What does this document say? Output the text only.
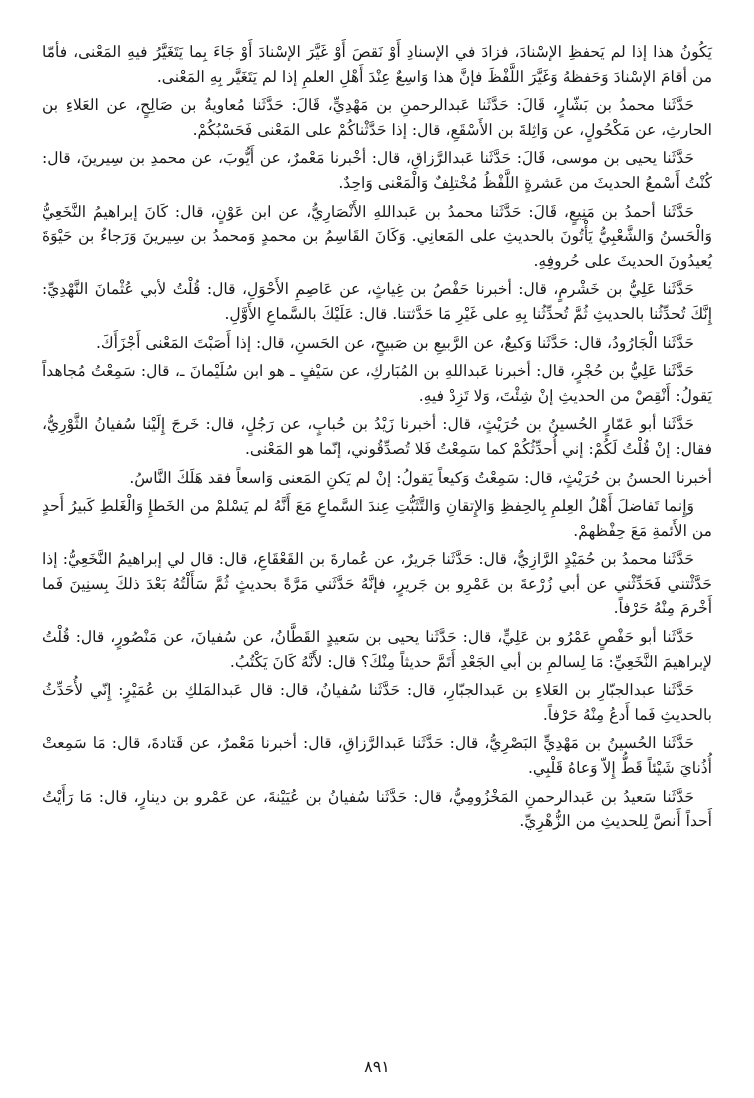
يَكُونُ هذا إذا لم يَحفظِ الإسْنادَ، فزادَ في الإسنادِ أَوْ نَقصَ أَوْ غَيَّرَ الإسْنادَ أَوْ جَاءَ بِما يَتَغَيَّرُ فيهِ المَعْنى، فأمّا من أقامَ الإسْنادَ وَحَفظهُ وَغَيَّرَ اللَّفْظَ فإنَّ هذا وَاسِعٌ عِنْدَ أَهْلِ العلمِ إذا لم يَتَغَيَّر بِهِ المَعْنى.

حَدَّثَنا محمدُ بن بَشّارٍ، قَالَ: حَدَّثَنا عَبدالرحمنِ بن مَهْدِيٍّ، قَالَ: حَدَّثَنا مُعاويةُ بن صَالِحٍ، عن العَلاءِ بن الحارثِ، عن مَكْحُولٍ، عن وَاثِلةَ بن الأَسْقَعِ، قال: إذا حَدَّثْناكُمْ على المَعْنى فَحَسْبُكُمْ.

حَدَّثَنا يحيى بن موسى، قَالَ: حَدَّثَنا عَبدالرَّزاقِ، قال: أخْبرنا مَعْمرٌ، عن أَيُّوبَ، عن محمدِ بن سِيرينَ، قال: كُنْتُ أَسْمعُ الحديثَ من عَشرةٍ اللَّفْظُ مُخْتلِفٌ وَالْمَعْنى وَاحِدٌ.

حَدَّثَنا أحمدُ بن مَنِيعٍ، قَالَ: حَدَّثَنا محمدُ بن عَبداللهِ الأَنْصَارِيُّ، عن ابن عَوْنٍ، قال: كَانَ إبراهيمُ النَّخَعِيُّ وَالْحَسنُ وَالشَّعْبِيُّ يَأْتُونَ بالحديثِ على المَعانِي. وَكَانَ القَاسِمُ بن محمدٍ وَمحمدُ بن سِيرينَ وَرَجاءُ بن حَيْوَةَ يُعيدُونَ الحديثَ على حُروفِهِ.

حَدَّثَنا عَلِيُّ بن خَشْرمٍ، قال: أخبرنا حَفْصُ بن غِياثٍ، عن عَاصِمِ الأَحْوَلِ، قال: قُلْتُ لأبي عُثْمانَ النَّهْدِيِّ: إِنَّكَ تُحدِّثُنا بالحديثِ ثُمَّ تُحدِّثُنا بِهِ على غَيْرِ مَا حَدَّثتنا. قال: عَلَيْكَ بالسَّماعِ الأَوَّلِ.

حَدَّثَنا الْجَارُودُ، قال: حَدَّثَنا وَكيعٌ، عن الرَّبيعِ بن صَبيحٍ، عن الحَسنِ، قال: إذا أَصَبْتَ المَعْنى أَجْزَأَكَ.

حَدَّثَنا عَلِيُّ بن حُجْرٍ، قال: أخبرنا عَبداللهِ بن المُبَاركِ، عن سَيْفٍ ـ هو ابن سُلَيْمانَ ـ، قال: سَمِعْتُ مُجاهداً يَقولُ: أَنْقِصْ من الحديثِ إنْ شِئْتَ، وَلا تَزِدْ فيهِ.

حَدَّثَنا أبو عَمّارٍ الحُسينُ بن حُرَيْثٍ، قال: أخبرنا زَيْدُ بن حُبابٍ، عن رَجُلٍ، قال: خَرجَ إِلَيْنا سُفيانُ الثَّوْرِيُّ، فقال: إنْ قُلْتُ لَكُمْ: إني أُحدِّثُكُمْ كما سَمِعْتُ فَلا تُصدِّقُوني، إنّما هو المَعْنى.

أخبرنا الحسنُ بن حُرَيْثٍ، قال: سَمِعْتُ وَكيعاً يَقولُ: إنْ لم يَكنِ المَعنى وَاسعاً فقد هَلَكَ النَّاسُ.

وَإِنما تَفاضلَ أَهْلُ العِلمِ بِالحِفظِ وَالإِتقانِ وَالتَّثَبُّتِ عِندَ السَّماعِ مَعَ أَنَّهُ لم يَسْلمْ من الخَطإِ وَالْغَلطِ كَبيرُ أَحدٍ من الأَئمةِ مَعَ حِفْظهمْ.

حَدَّثَنا محمدُ بن حُمَيْدٍ الرَّازِيُّ، قال: حَدَّثَنا جَريرٌ، عن عُمارةَ بن القَعْقَاعِ، قال: قال لي إبراهيمُ النَّخَعِيُّ: إذا حَدَّثْتني فَحَدِّثْني عن أبي زُرْعةَ بن عَمْرِو بن جَريرٍ، فإنَّهُ حَدَّثَني مَرَّةً بحديثٍ ثُمَّ سَأَلْتُهُ بَعْدَ ذلكَ بِسنِينَ فَما أَخْرمَ مِنْهُ حَرْفاً.

حَدَّثَنا أبو حَفْصٍ عَمْرُو بن عَلِيٍّ، قال: حَدَّثَنا يحيى بن سَعيدٍ القَطَّانُ، عن سُفيانَ، عن مَنْصُورٍ، قال: قُلْتُ لإبراهيمَ النَّخَعِيِّ: مَا لِسالمِ بن أبي الجَعْدِ أَتَمَّ حديثاً مِنْكَ؟ قال: لأَنَّهُ كَانَ يَكْتُبُ.

حَدَّثَنا عبدالجبّارِ بن العَلاءِ بن عَبدالجبّارِ، قال: حَدَّثَنا سُفيانُ، قال: قال عَبدالمَلكِ بن عُمَيْرٍ: إِنّي لأُحَدِّثُ بالحديثِ فَما أَدعُ مِنْهُ حَرْفاً.

حَدَّثَنا الحُسينُ بن مَهْدِيٍّ البَصْرِيُّ، قال: حَدَّثَنا عَبدالرَّزاقِ، قال: أخبرنا مَعْمرٌ، عن قَتادةَ، قال: مَا سَمِعتْ أُذُنايَ شَيْئاً قَطُّ إِلاّ وَعاهُ قَلْبِي.

حَدَّثَنا سَعيدُ بن عَبدالرحمنِ المَخْزُومِيُّ، قال: حَدَّثَنا سُفيانُ بن عُيَيْنةَ، عن عَمْرو بن دينارٍ، قال: مَا رَأَيْتُ أَحداً أَنصَّ لِلحديثِ من الزُّهْرِيِّ.

٨٩١
